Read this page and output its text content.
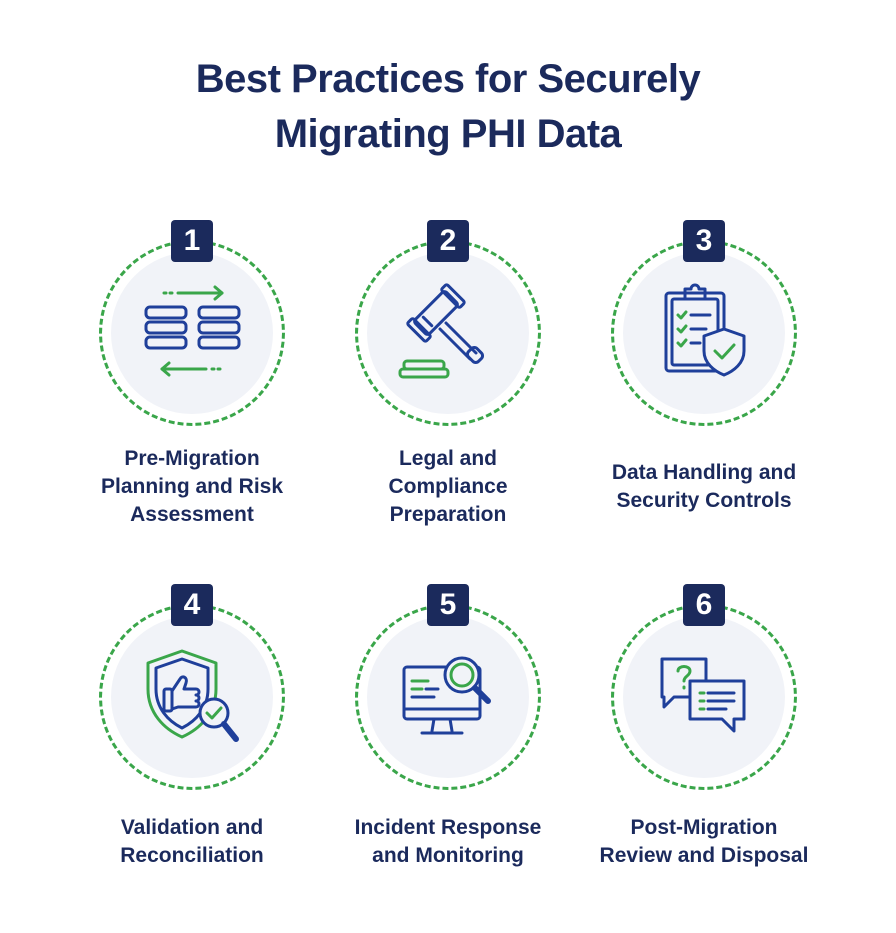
Best Practices for Securely
Migrating PHI Data
1
Pre-Migration
Planning and Risk
Assessment
2
Legal and
Compliance
Preparation
3
Data Handling and
Security Controls
4
Validation and
Reconciliation
5
Incident Response
and Monitoring
6
Post-Migration
Review and Disposal
